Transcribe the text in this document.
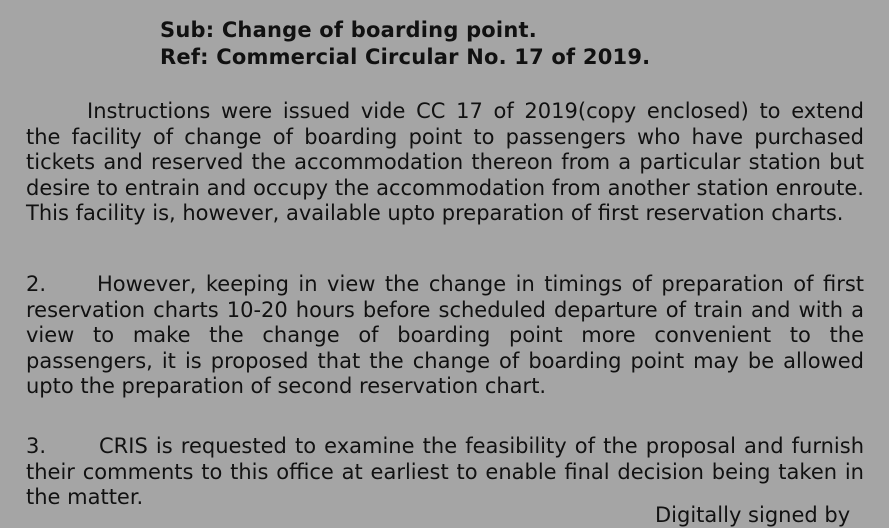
Sub: Change of boarding point.
Ref: Commercial Circular No. 17 of 2019.

Instructions were issued vide CC 17 of 2019(copy enclosed) to extend the facility of change of boarding point to passengers who have purchased tickets and reserved the accommodation thereon from a particular station but desire to entrain and occupy the accommodation from another station enroute. This facility is, however, available upto preparation of first reservation charts.

2. However, keeping in view the change in timings of preparation of first reservation charts 10-20 hours before scheduled departure of train and with a view to make the change of boarding point more convenient to the passengers, it is proposed that the change of boarding point may be allowed upto the preparation of second reservation chart.

3.	CRIS is requested to examine the feasibility of the proposal and furnish their comments to this office at earliest to enable final decision being taken in the matter.

Digitally signed by
